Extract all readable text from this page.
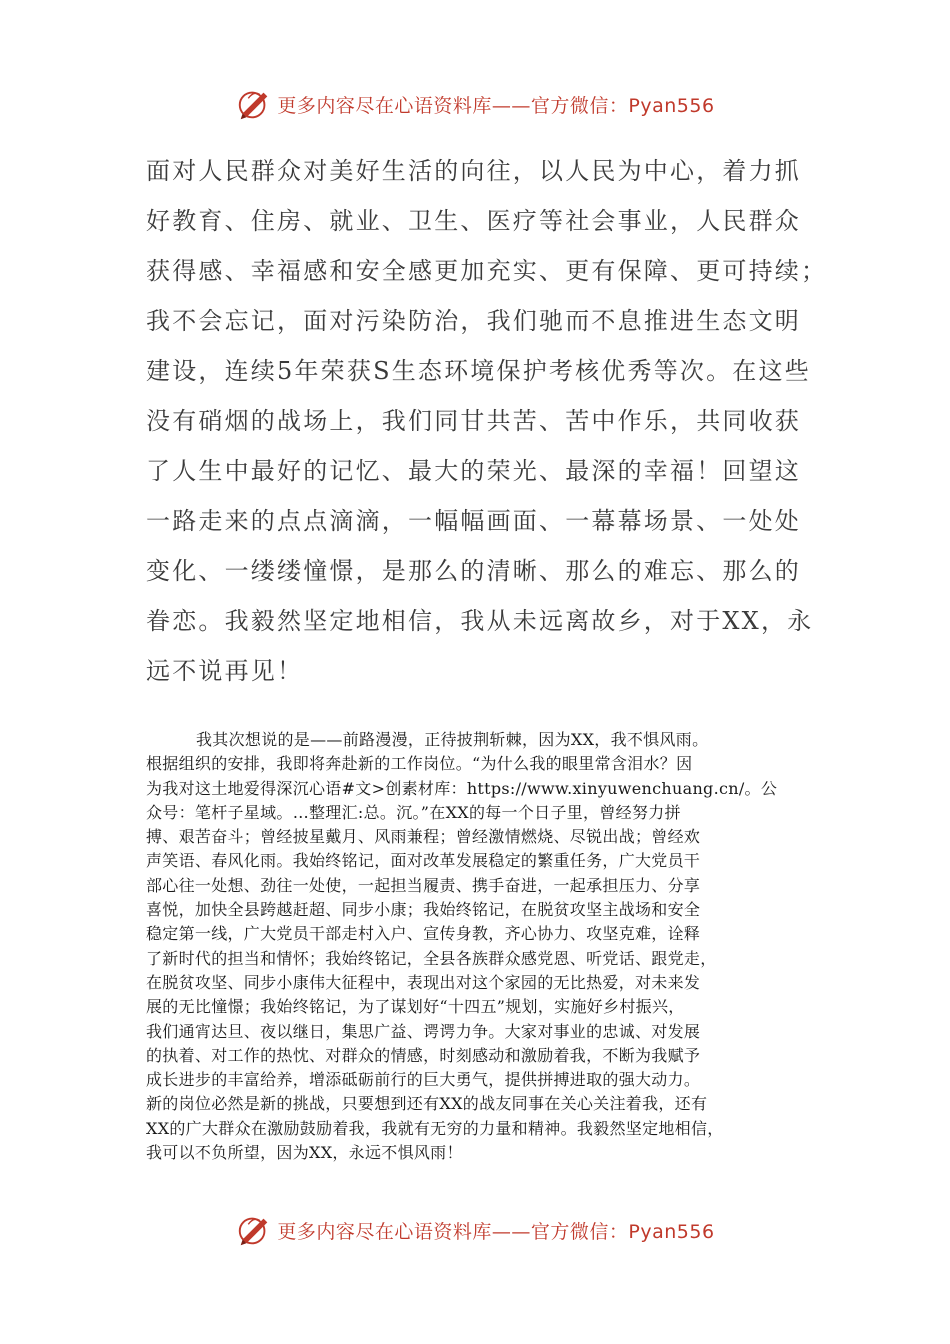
更多内容尽在心语资料库——官方微信：Pyan556
面对人民群众对美好生活的向往，以人民为中心，着力抓
好教育、住房、就业、卫生、医疗等社会事业，人民群众
获得感、幸福感和安全感更加充实、更有保障、更可持续；
我不会忘记，面对污染防治，我们驰而不息推进生态文明
建设，连续5年荣获S生态环境保护考核优秀等次。在这些
没有硝烟的战场上，我们同甘共苦、苦中作乐，共同收获
了人生中最好的记忆、最大的荣光、最深的幸福！回望这
一路走来的点点滴滴，一幅幅画面、一幕幕场景、一处处
变化、一缕缕憧憬，是那么的清晰、那么的难忘、那么的
眷恋。我毅然坚定地相信，我从未远离故乡，对于XX，永
远不说再见！
我其次想说的是——前路漫漫，正待披荆斩棘，因为XX，我不惧风雨。
根据组织的安排，我即将奔赴新的工作岗位。“为什么我的眼里常含泪水？因
为我对这土地爱得深沉心语#文>创素材库：https://www.xinyuwenchuang.cn/。公
众号：笔杆子星域。…整理汇:总。沉。”在XX的每一个日子里，曾经努力拼
搏、艰苦奋斗；曾经披星戴月、风雨兼程；曾经激情燃烧、尽锐出战；曾经欢
声笑语、春风化雨。我始终铭记，面对改革发展稳定的繁重任务，广大党员干
部心往一处想、劲往一处使，一起担当履责、携手奋进，一起承担压力、分享
喜悦，加快全县跨越赶超、同步小康；我始终铭记，在脱贫攻坚主战场和安全
稳定第一线，广大党员干部走村入户、宣传身教，齐心协力、攻坚克难，诠释
了新时代的担当和情怀；我始终铭记，全县各族群众感党恩、听党话、跟党走，
在脱贫攻坚、同步小康伟大征程中，表现出对这个家园的无比热爱，对未来发
展的无比憧憬；我始终铭记，为了谋划好“十四五”规划，实施好乡村振兴，
我们通宵达旦、夜以继日，集思广益、谔谔力争。大家对事业的忠诚、对发展
的执着、对工作的热忱、对群众的情感，时刻感动和激励着我，不断为我赋予
成长进步的丰富给养，增添砥砺前行的巨大勇气，提供拼搏进取的强大动力。
新的岗位必然是新的挑战，只要想到还有XX的战友同事在关心关注着我，还有
XX的广大群众在激励鼓励着我，我就有无穷的力量和精神。我毅然坚定地相信，
我可以不负所望，因为XX，永远不惧风雨！
更多内容尽在心语资料库——官方微信：Pyan556
